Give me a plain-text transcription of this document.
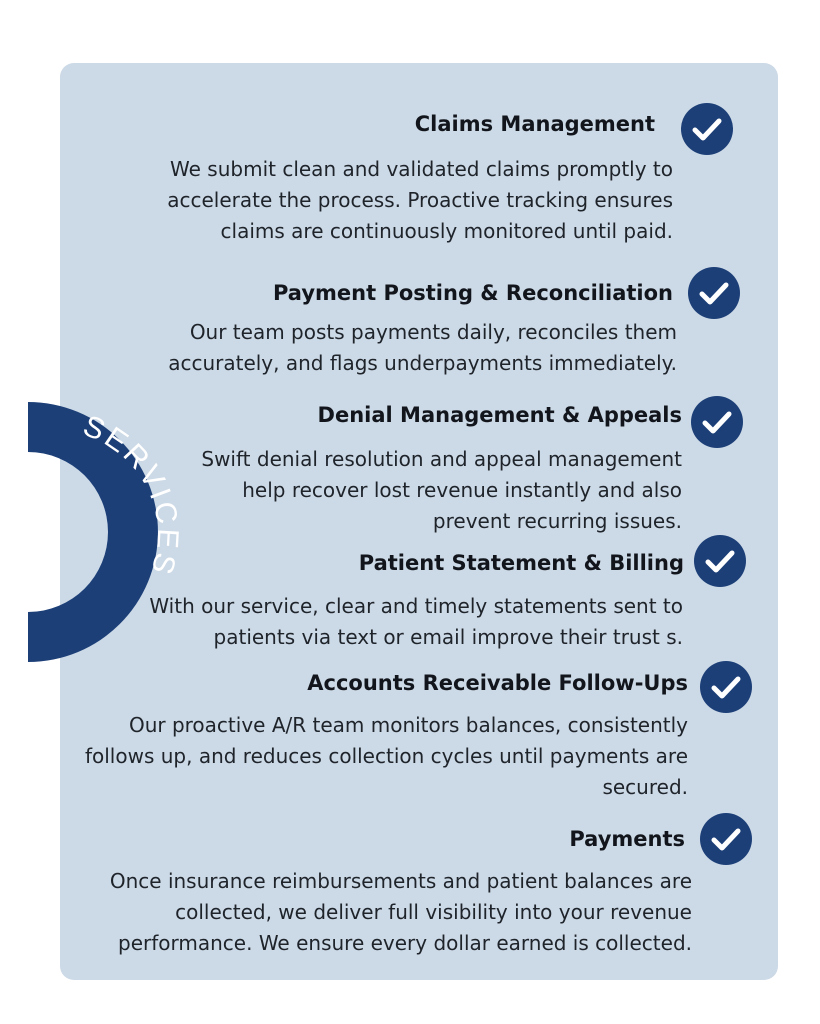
SERVI S
Claims Management
We submit clean and validated claims promptly to
accelerate the process. Proactive tracking ensures
claims are continuously monitored until paid.
Payment Posting & Reconciliation
Our team posts payments daily, reconciles them
accurately, and flags underpayments immediately.
Denial Management & Appeals
Swift denial resolution and appeal management
help recover lost revenue instantly and also
prevent recurring issues.
Patient Statement & Billing
With our service, clear and timely statements sent to
patients via text or email improve their trust s.
Accounts Receivable Follow-Ups
Our proactive A/R team monitors balances, consistently
follows up, and reduces collection cycles until payments are
secured.
Payments
Once insurance reimbursements and patient balances are
collected, we deliver full visibility into your revenue
performance. We ensure every dollar earned is collected.
